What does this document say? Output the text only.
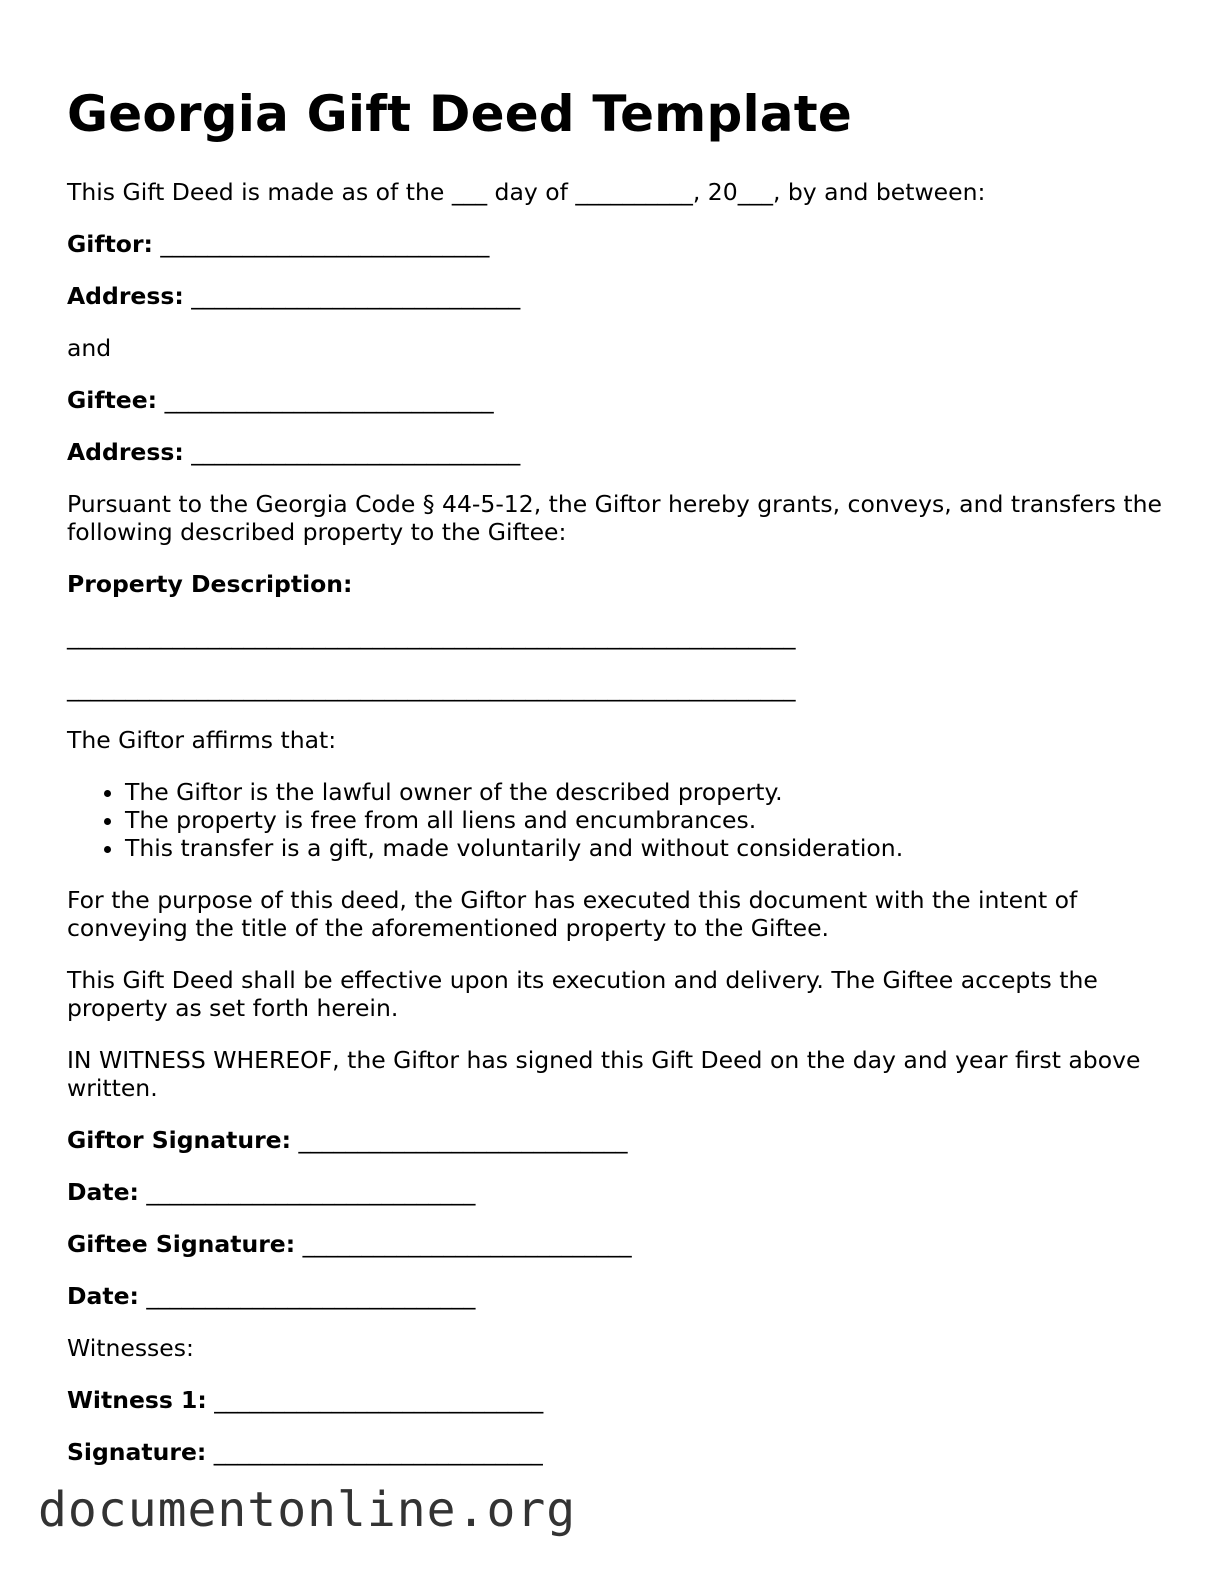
Georgia Gift Deed Template

This Gift Deed is made as of the ___ day of __________, 20___, by and between:

Giftor: ____________________________

Address: ____________________________

and

Giftee: ____________________________

Address: ____________________________

Pursuant to the Georgia Code § 44-5-12, the Giftor hereby grants, conveys, and transfers the following described property to the Giftee:

Property Description:

______________________________________________________________
______________________________________________________________

The Giftor affirms that:

• The Giftor is the lawful owner of the described property.
• The property is free from all liens and encumbrances.
• This transfer is a gift, made voluntarily and without consideration.

For the purpose of this deed, the Giftor has executed this document with the intent of conveying the title of the aforementioned property to the Giftee.

This Gift Deed shall be effective upon its execution and delivery. The Giftee accepts the property as set forth herein.

IN WITNESS WHEREOF, the Giftor has signed this Gift Deed on the day and year first above written.

Giftor Signature: ____________________________

Date: ____________________________

Giftee Signature: ____________________________

Date: ____________________________

Witnesses:

Witness 1: ____________________________

Signature: ____________________________

documentonline.org
